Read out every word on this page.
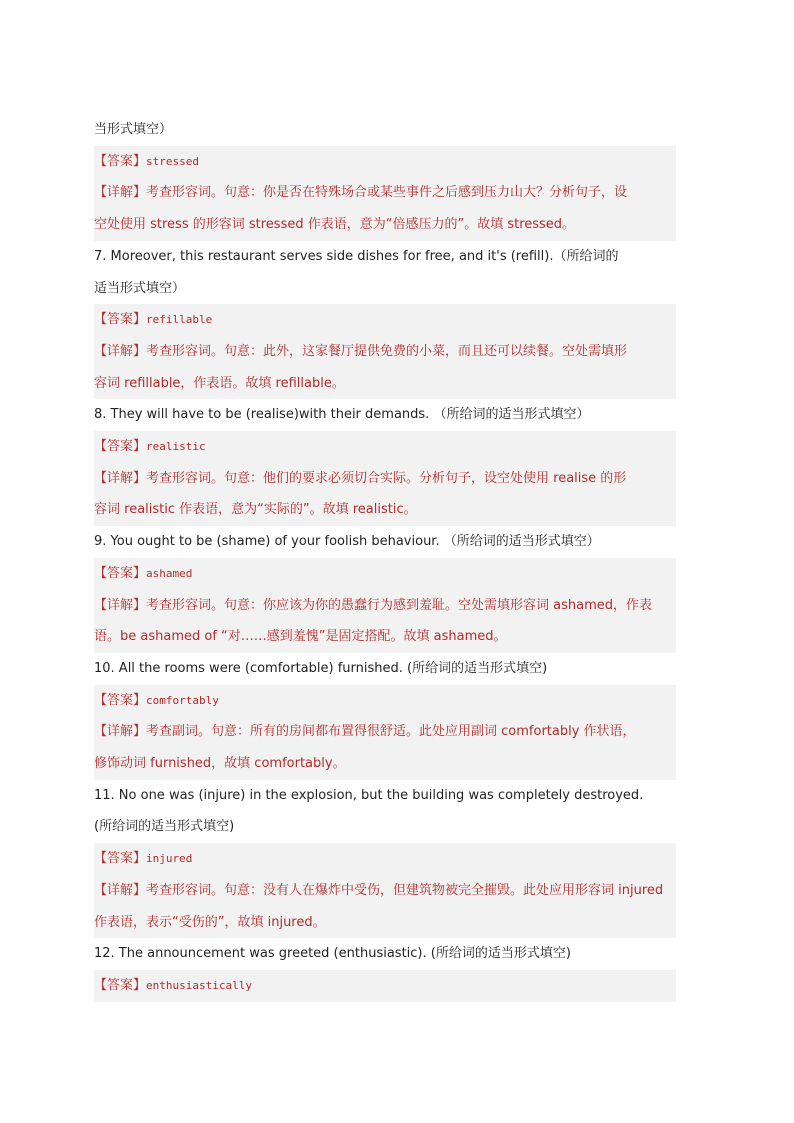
当形式填空）
【答案】stressed
【详解】考查形容词。句意：你是否在特殊场合或某些事件之后感到压力山大？分析句子，设
空处使用 stress 的形容词 stressed 作表语，意为“倍感压力的”。故填 stressed。
7. Moreover, this restaurant serves side dishes for free, and it's (refill).（所给词的
适当形式填空）
【答案】refillable
【详解】考查形容词。句意：此外，这家餐厅提供免费的小菜，而且还可以续餐。空处需填形
容词 refillable，作表语。故填 refillable。
8. They will have to be (realise)with their demands. （所给词的适当形式填空）
【答案】realistic
【详解】考查形容词。句意：他们的要求必须切合实际。分析句子，设空处使用 realise 的形
容词 realistic 作表语，意为“实际的”。故填 realistic。
9. You ought to be (shame) of your foolish behaviour. （所给词的适当形式填空）
【答案】ashamed
【详解】考查形容词。句意：你应该为你的愚蠢行为感到羞耻。空处需填形容词 ashamed，作表
语。be ashamed of “对……感到羞愧”是固定搭配。故填 ashamed。
10. All the rooms were (comfortable) furnished. (所给词的适当形式填空)
【答案】comfortably
【详解】考查副词。句意：所有的房间都布置得很舒适。此处应用副词 comfortably 作状语，
修饰动词 furnished，故填 comfortably。
11. No one was (injure) in the explosion, but the building was completely destroyed.
(所给词的适当形式填空)
【答案】injured
【详解】考查形容词。句意：没有人在爆炸中受伤，但建筑物被完全摧毁。此处应用形容词 injured
作表语，表示“受伤的”，故填 injured。
12. The announcement was greeted (enthusiastic). (所给词的适当形式填空)
【答案】enthusiastically
